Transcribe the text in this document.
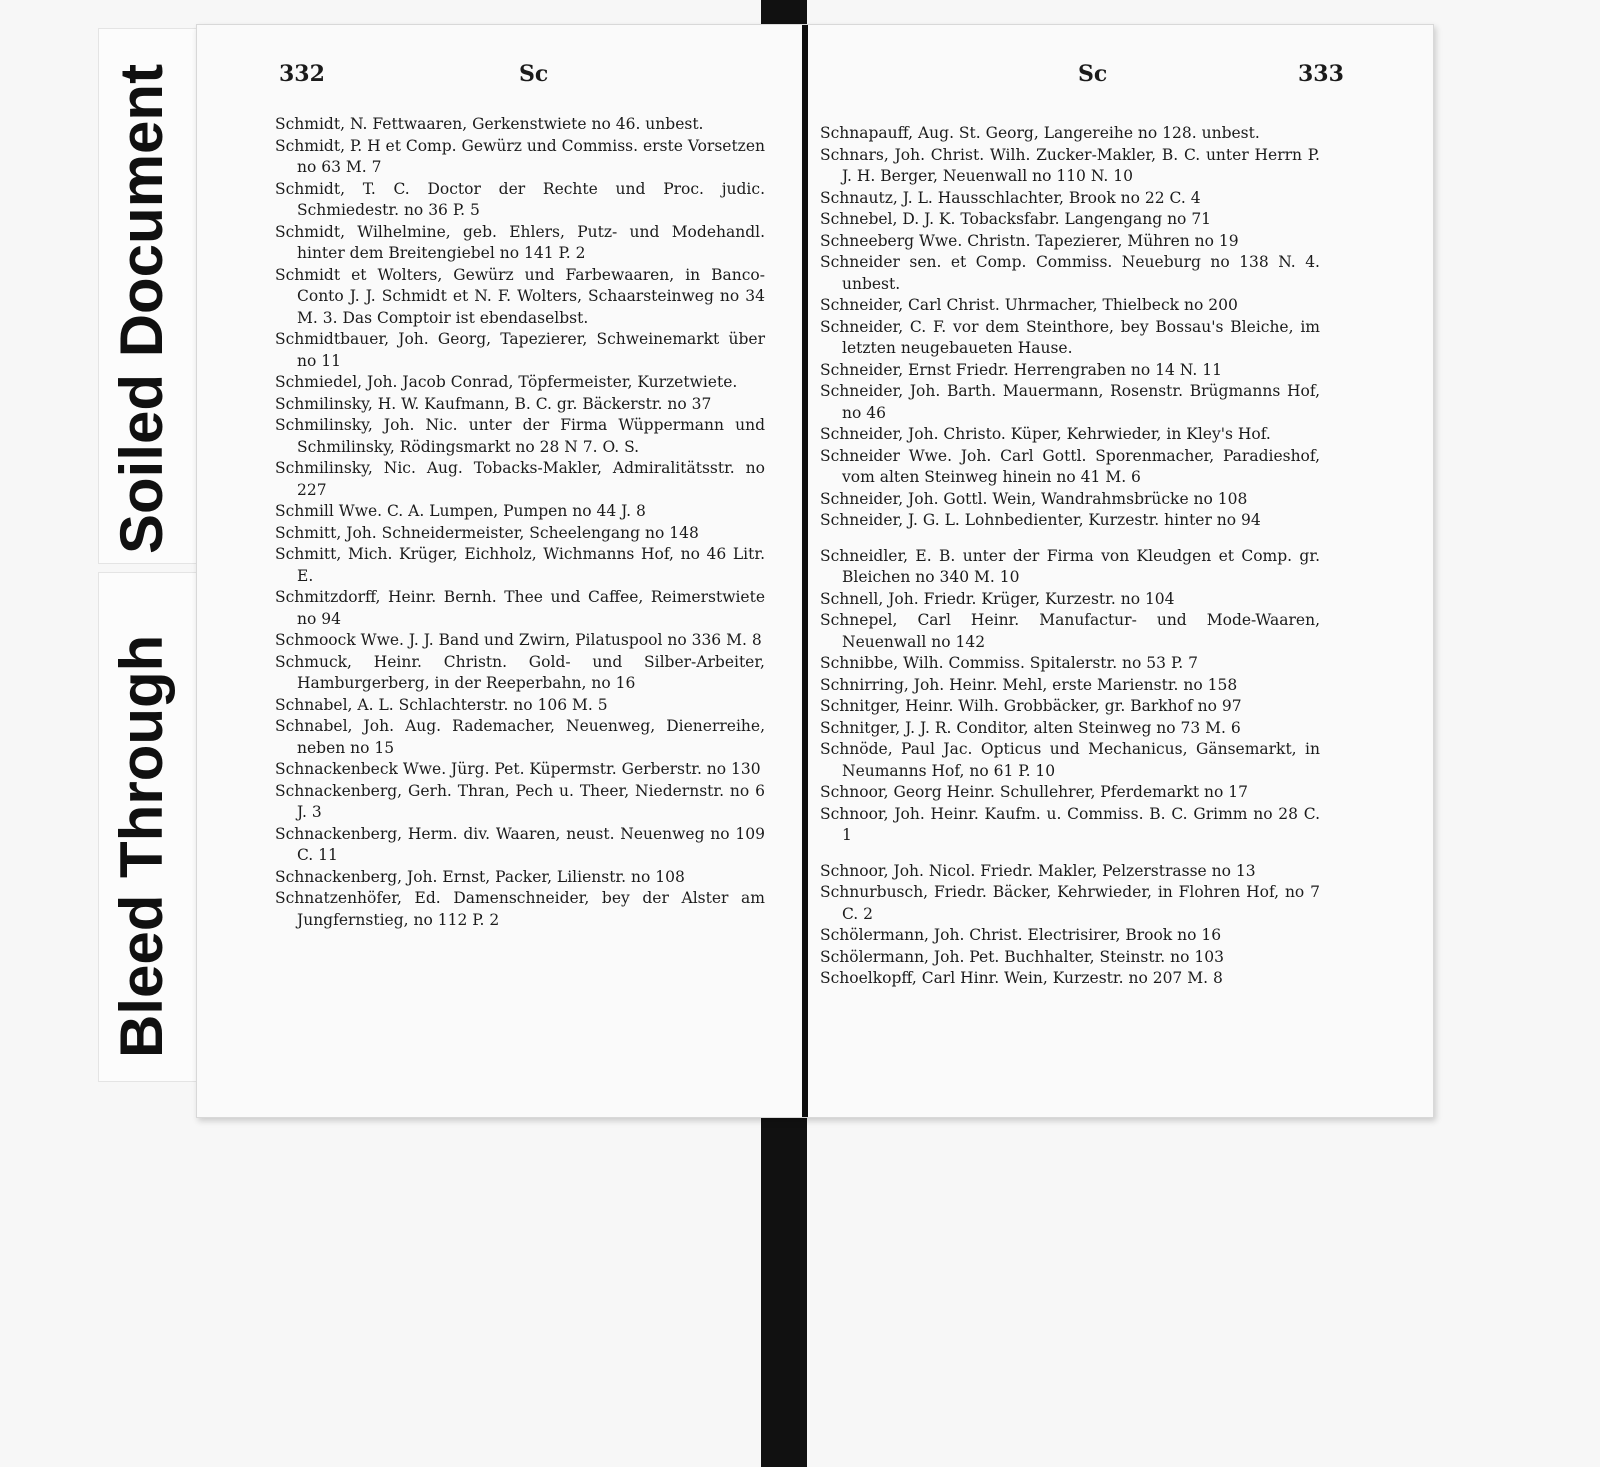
Soiled Document
Bleed Through
332	Sc
Schmidt, N. Fettwaaren, Gerkenstwiete no 46. unbest.
Schmidt, P. H et Comp. Gewürz und Commiss. erste Vorsetzen no 63 M. 7
Schmidt, T. C. Doctor der Rechte und Proc. judic. Schmiedestr. no 36 P. 5
Schmidt, Wilhelmine, geb. Ehlers, Putz- und Modehandl. hinter dem Breitengiebel no 141 P. 2
Schmidt et Wolters, Gewürz und Farbewaaren, in Banco-Conto J. J. Schmidt et N. F. Wolters, Schaarsteinweg no 34 M. 3. Das Comptoir ist ebendaselbst.
Schmidtbauer, Joh. Georg, Tapezierer, Schweinemarkt über no 11
Schmiedel, Joh. Jacob Conrad, Töpfermeister, Kurzetwiete.
Schmilinsky, H. W. Kaufmann, B. C. gr. Bäckerstr. no 37
Schmilinsky, Joh. Nic. unter der Firma Wüppermann und Schmilinsky, Rödingsmarkt no 28 N 7. O. S.
Schmilinsky, Nic. Aug. Tobacks-Makler, Admiralitätsstr. no 227
Schmill Wwe. C. A. Lumpen, Pumpen no 44 J. 8
Schmitt, Joh. Schneidermeister, Scheelengang no 148
Schmitt, Mich. Krüger, Eichholz, Wichmanns Hof, no 46 Litr. E.
Schmitzdorff, Heinr. Bernh. Thee und Caffee, Reimerstwiete no 94
Schmoock Wwe. J. J. Band und Zwirn, Pilatuspool no 336 M. 8
Schmuck, Heinr. Christn. Gold- und Silber-Arbeiter, Hamburgerberg, in der Reeperbahn, no 16
Schnabel, A. L. Schlachterstr. no 106 M. 5
Schnabel, Joh. Aug. Rademacher, Neuenweg, Dienerreihe, neben no 15
Schnackenbeck Wwe. Jürg. Pet. Küpermstr. Gerberstr. no 130
Schnackenberg, Gerh. Thran, Pech u. Theer, Niedernstr. no 6 J. 3
Schnackenberg, Herm. div. Waaren, neust. Neuenweg no 109 C. 11
Schnackenberg, Joh. Ernst, Packer, Lilienstr. no 108
Schnatzenhöfer, Ed. Damenschneider, bey der Alster am Jungfernstieg, no 112 P. 2
333
Sc
Schnapauff, Aug. St. Georg, Langereihe no 128. unbest.
Schnars, Joh. Christ. Wilh. Zucker-Makler, B. C. unter Herrn P. J. H. Berger, Neuenwall no 110 N. 10
Schnautz, J. L. Hausschlachter, Brook no 22 C. 4
Schnebel, D. J. K. Tobacksfabr. Langengang no 71
Schneeberg Wwe. Christn. Tapezierer, Mühren no 19
Schneider sen. et Comp. Commiss. Neueburg no 138 N. 4. unbest.
Schneider, Carl Christ. Uhrmacher, Thielbeck no 200
Schneider, C. F. vor dem Steinthore, bey Bossau's Bleiche, im letzten neugebaueten Hause.
Schneider, Ernst Friedr. Herrengraben no 14 N. 11
Schneider, Joh. Barth. Mauermann, Rosenstr. Brügmanns Hof, no 46
Schneider, Joh. Christo. Küper, Kehrwieder, in Kley's Hof.
Schneider Wwe. Joh. Carl Gottl. Sporenmacher, Paradieshof, vom alten Steinweg hinein no 41 M. 6
Schneider, Joh. Gottl. Wein, Wandrahmsbrücke no 108
Schneider, J. G. L. Lohnbedienter, Kurzestr. hinter no 94
Schneidler, E. B. unter der Firma von Kleudgen et Comp. gr. Bleichen no 340 M. 10
Schnell, Joh. Friedr. Krüger, Kurzestr. no 104
Schnepel, Carl Heinr. Manufactur- und Mode-Waaren, Neuenwall no 142
Schnibbe, Wilh. Commiss. Spitalerstr. no 53 P. 7
Schnirring, Joh. Heinr. Mehl, erste Marienstr. no 158
Schnitger, Heinr. Wilh. Grobbäcker, gr. Barkhof no 97
Schnitger, J. J. R. Conditor, alten Steinweg no 73 M. 6
Schnöde, Paul Jac. Opticus und Mechanicus, Gänsemarkt, in Neumanns Hof, no 61 P. 10
Schnoor, Georg Heinr. Schullehrer, Pferdemarkt no 17
Schnoor, Joh. Heinr. Kaufm. u. Commiss. B. C. Grimm no 28 C. 1
Schnoor, Joh. Nicol. Friedr. Makler, Pelzerstrasse no 13
Schnurbusch, Friedr. Bäcker, Kehrwieder, in Flohren Hof, no 7 C. 2
Schölermann, Joh. Christ. Electrisirer, Brook no 16
Schölermann, Joh. Pet. Buchhalter, Steinstr. no 103
Schoelkopff, Carl Hinr. Wein, Kurzestr. no 207 M. 8
